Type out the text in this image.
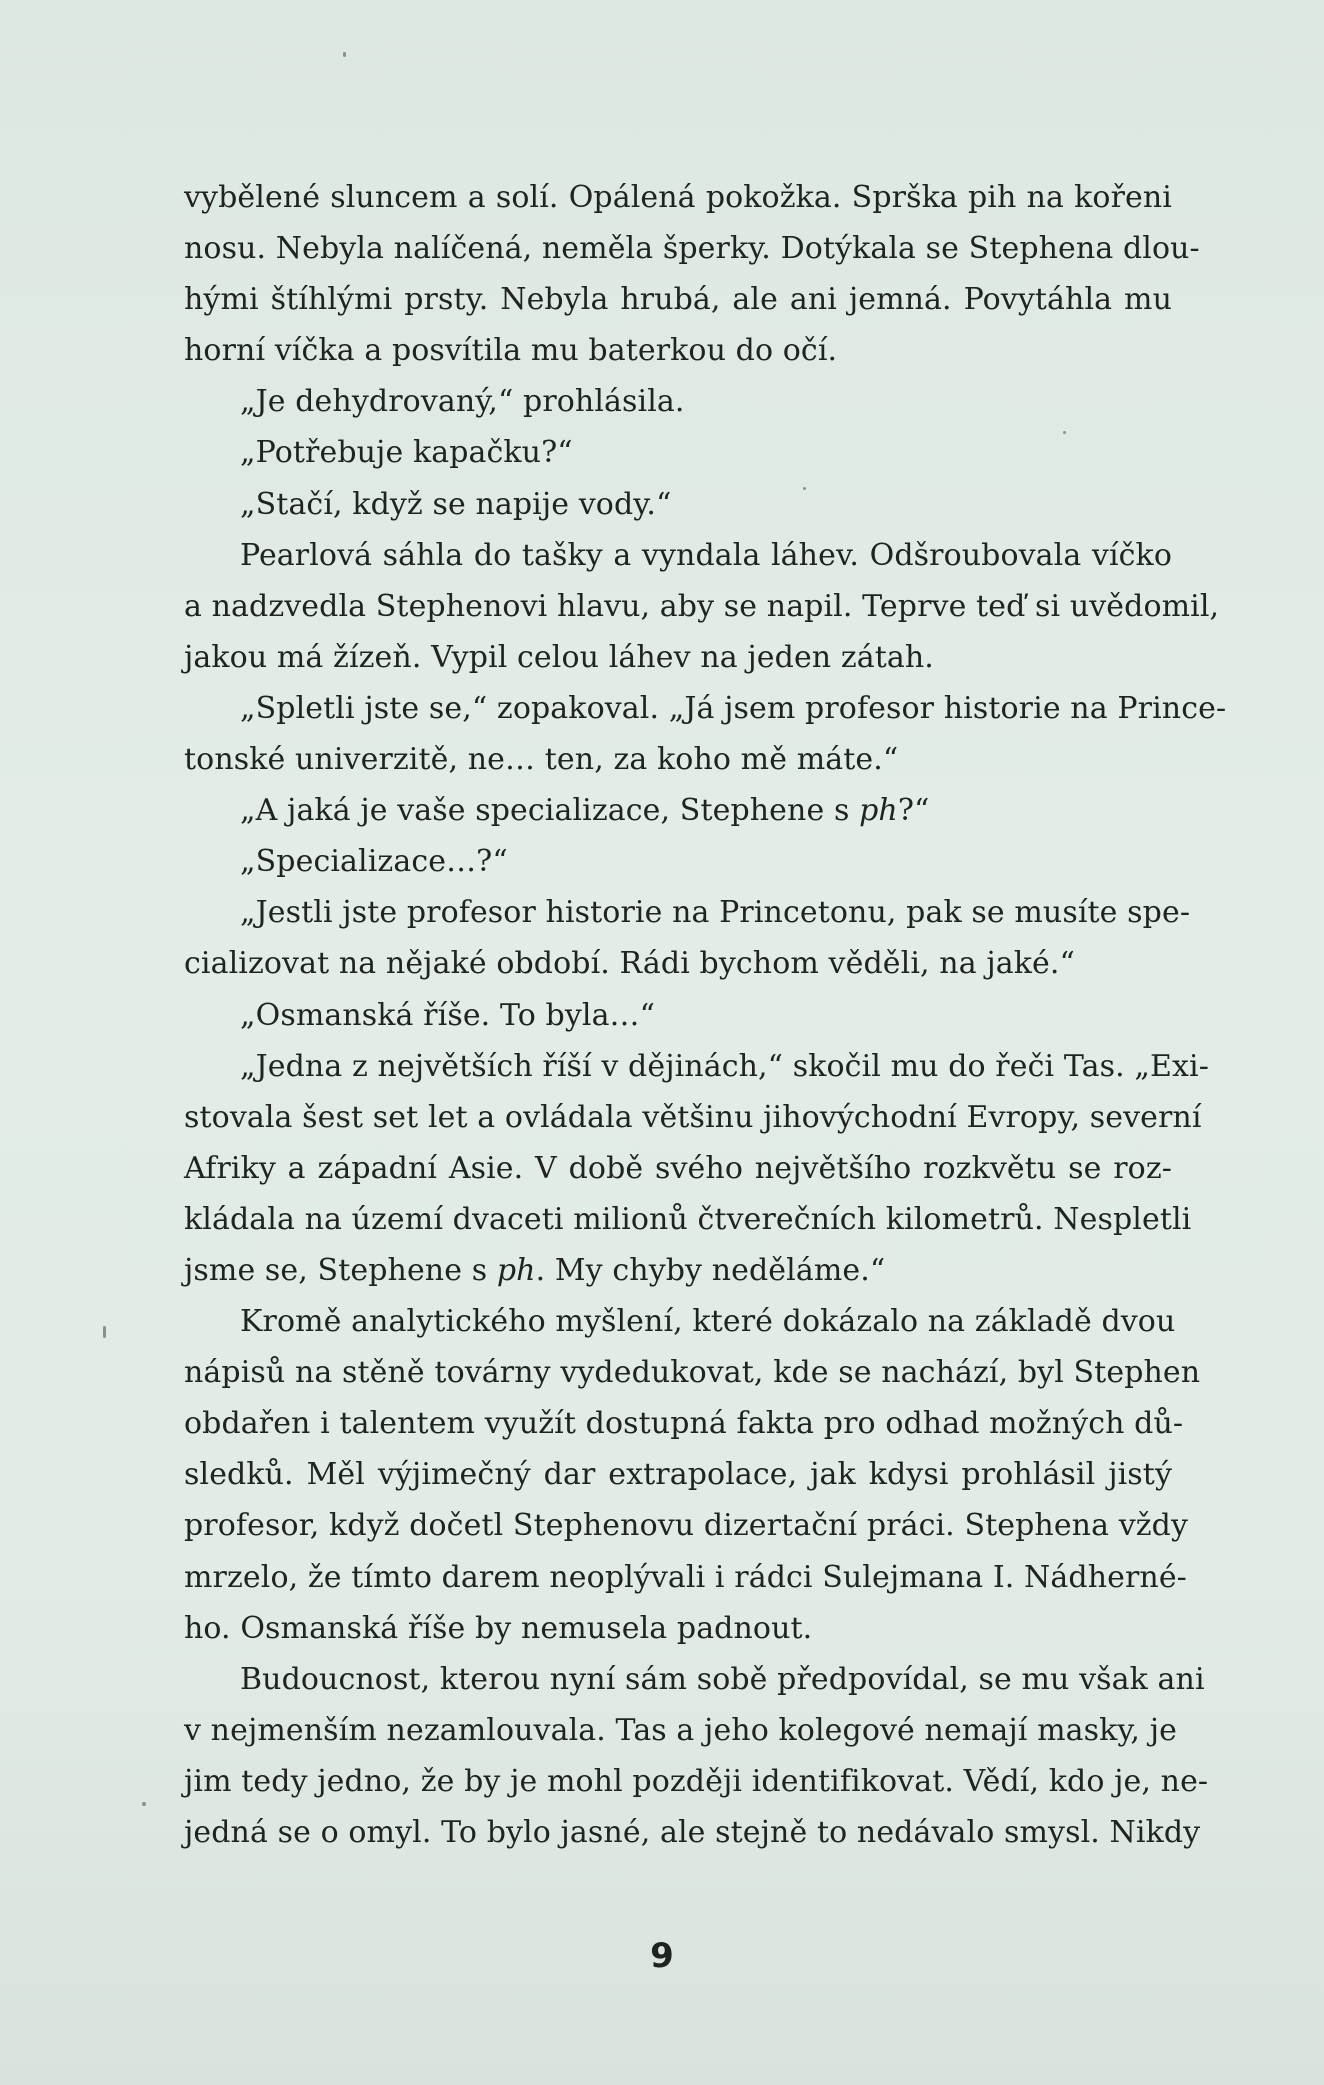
vybělené sluncem a solí. Opálená pokožka. Sprška pih na kořeni
nosu. Nebyla nalíčená, neměla šperky. Dotýkala se Stephena dlou-
hými štíhlými prsty. Nebyla hrubá, ale ani jemná. Povytáhla mu
horní víčka a posvítila mu baterkou do očí.
„Je dehydrovaný,“ prohlásila.
„Potřebuje kapačku?“
„Stačí, když se napije vody.“
Pearlová sáhla do tašky a vyndala láhev. Odšroubovala víčko
a nadzvedla Stephenovi hlavu, aby se napil. Teprve teď si uvědomil,
jakou má žízeň. Vypil celou láhev na jeden zátah.
„Spletli jste se,“ zopakoval. „Já jsem profesor historie na Prince-
tonské univerzitě, ne… ten, za koho mě máte.“
„A jaká je vaše specializace, Stephene s ph?“
„Specializace…?“
„Jestli jste profesor historie na Princetonu, pak se musíte spe-
cializovat na nějaké období. Rádi bychom věděli, na jaké.“
„Osmanská říše. To byla…“
„Jedna z největších říší v dějinách,“ skočil mu do řeči Tas. „Exi-
stovala šest set let a ovládala většinu jihovýchodní Evropy, severní
Afriky a západní Asie. V době svého největšího rozkvětu se roz-
kládala na území dvaceti milionů čtverečních kilometrů. Nespletli
jsme se, Stephene s ph. My chyby neděláme.“
Kromě analytického myšlení, které dokázalo na základě dvou
nápisů na stěně továrny vydedukovat, kde se nachází, byl Stephen
obdařen i talentem využít dostupná fakta pro odhad možných dů-
sledků. Měl výjimečný dar extrapolace, jak kdysi prohlásil jistý
profesor, když dočetl Stephenovu dizertační práci. Stephena vždy
mrzelo, že tímto darem neoplývali i rádci Sulejmana I. Nádherné-
ho. Osmanská říše by nemusela padnout.
Budoucnost, kterou nyní sám sobě předpovídal, se mu však ani
v nejmenším nezamlouvala. Tas a jeho kolegové nemají masky, je
jim tedy jedno, že by je mohl později identifikovat. Vědí, kdo je, ne-
jedná se o omyl. To bylo jasné, ale stejně to nedávalo smysl. Nikdy
9
